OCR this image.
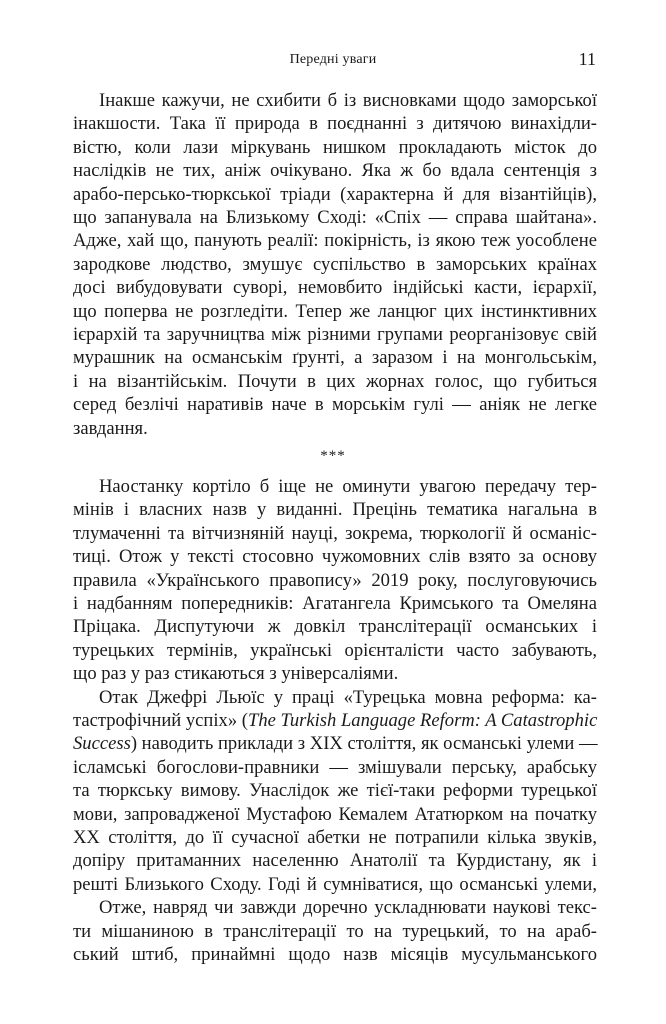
Передні уваги	11
Інакше кажучи, не схибити б із висновками щодо заморської
інакшости. Така її природа в поєднанні з дитячою винахідли-
вістю, коли лази міркувань нишком прокладають місток до
наслідків не тих, аніж очікувано. Яка ж бо вдала сентенція з
арабо-персько-тюркської тріади (характерна й для візантійців),
що запанувала на Близькому Сході: «Спіх — справа шайтана».
Адже, хай що, панують реалії: покірність, із якою теж уособлене
зародкове людство, змушує суспільство в заморських країнах
досі вибудовувати суворі, немовбито індійські касти, ієрархії,
що поперва не розгледіти. Тепер же ланцюг цих інстинктивних
ієрархій та заручництва між різними групами реорганізовує свій
мурашник на османськім ґрунті, а заразом і на монгольськім,
і на візантійськім. Почути в цих жорнах голос, що губиться
серед безлічі наративів наче в морськім гулі — аніяк не легке
завдання.
***
Наостанку кортіло б іще не оминути увагою передачу тер-
мінів і власних назв у виданні. Прецінь тематика нагальна в
тлумаченні та вітчизняній науці, зокрема, тюркології й османіс-
тиці. Отож у тексті стосовно чужомовних слів взято за основу
правила «Українського правопису» 2019 року, послуговуючись
і надбанням попередників: Агатангела Кримського та Омеляна
Пріцака. Диспутуючи ж довкіл транслітерації османських і
турецьких термінів, українські орієнталісти часто забувають,
що раз у раз стикаються з універсаліями.
Отак Джефрі Льюїс у праці «Турецька мовна реформа: ка-
тастрофічний успіх» (The Turkish Language Reform: A Catastrophic
Success) наводить приклади з XIX століття, як османські улеми —
ісламські богослови-правники — змішували перську, арабську
та тюркську вимову. Унаслідок же тієї-таки реформи турецької
мови, запровадженої Мустафою Кемалем Ататюрком на початку
XX століття, до її сучасної абетки не потрапили кілька звуків,
допіру притаманних населенню Анатолії та Курдистану, як і
решті Близького Сходу. Годі й сумніватися, що османські улеми,
Отже, навряд чи завжди доречно ускладнювати наукові текс-
ти мішаниною в транслітерації то на турецький, то на араб-
ський штиб, принаймні щодо назв місяців мусульманського
